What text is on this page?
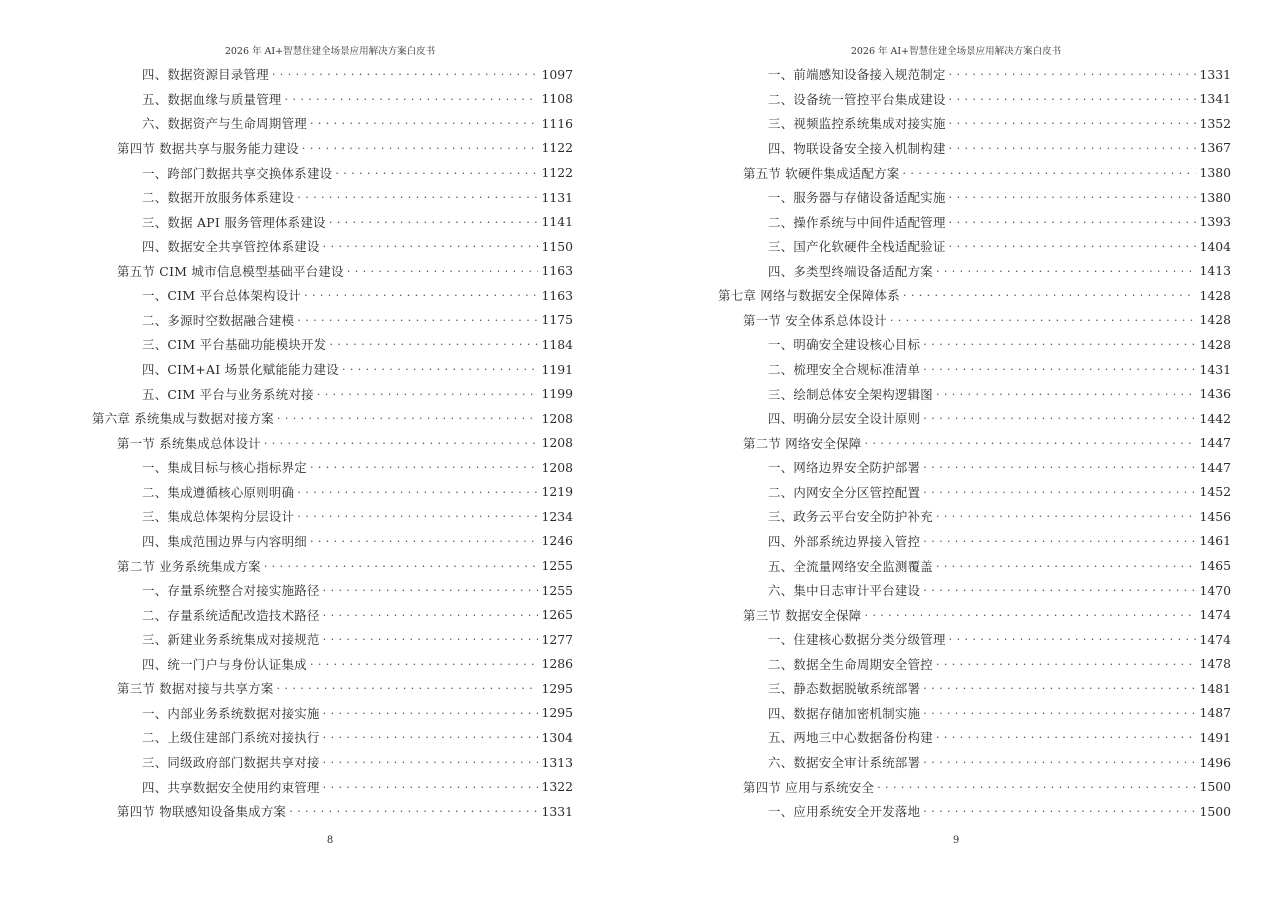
2026 年 AI+智慧住建全场景应用解决方案白皮书
四、数据资源目录管理 . . .	1097
五、数据血缘与质量管理 . . .	1108
六、数据资产与生命周期管理 . . .	1116
第四节 数据共享与服务能力建设 . . .	1122
一、跨部门数据共享交换体系建设 . . .	1122
二、数据开放服务体系建设 . . .	1131
三、数据 API 服务管理体系建设 . . .	1141
四、数据安全共享管控体系建设 . . .	1150
第五节 CIM 城市信息模型基础平台建设 . . .	1163
一、CIM 平台总体架构设计 . . .	1163
二、多源时空数据融合建模 . . .	1175
三、CIM 平台基础功能模块开发 . . .	1184
四、CIM+AI 场景化赋能能力建设 . . .	1191
五、CIM 平台与业务系统对接 . . .	1199
第六章 系统集成与数据对接方案 . . .	1208
第一节 系统集成总体设计 . . .	1208
一、集成目标与核心指标界定 . . .	1208
二、集成遵循核心原则明确 . . .	1219
三、集成总体架构分层设计 . . .	1234
四、集成范围边界与内容明细 . . .	1246
第二节 业务系统集成方案 . . .	1255
一、存量系统整合对接实施路径 . . .	1255
二、存量系统适配改造技术路径 . . .	1265
三、新建业务系统集成对接规范 . . .	1277
四、统一门户与身份认证集成 . . .	1286
第三节 数据对接与共享方案 . . .	1295
一、内部业务系统数据对接实施 . . .	1295
二、上级住建部门系统对接执行 . . .	1304
三、同级政府部门数据共享对接 . . .	1313
四、共享数据安全使用约束管理 . . .	1322
第四节 物联感知设备集成方案 . . .	1331
8
2026 年 AI+智慧住建全场景应用解决方案白皮书
一、前端感知设备接入规范制定 . . .	1331
二、设备统一管控平台集成建设 . . .	1341
三、视频监控系统集成对接实施 . . .	1352
四、物联设备安全接入机制构建 . . .	1367
第五节 软硬件集成适配方案 . . .	1380
一、服务器与存储设备适配实施 . . .	1380
二、操作系统与中间件适配管理 . . .	1393
三、国产化软硬件全栈适配验证 . . .	1404
四、多类型终端设备适配方案 . . .	1413
第七章 网络与数据安全保障体系 . . .	1428
第一节 安全体系总体设计 . . .	1428
一、明确安全建设核心目标 . . .	1428
二、梳理安全合规标准清单 . . .	1431
三、绘制总体安全架构逻辑图 . . .	1436
四、明确分层安全设计原则 . . .	1442
第二节 网络安全保障 . . .	1447
一、网络边界安全防护部署 . . .	1447
二、内网安全分区管控配置 . . .	1452
三、政务云平台安全防护补充 . . .	1456
四、外部系统边界接入管控 . . .	1461
五、全流量网络安全监测覆盖 . . .	1465
六、集中日志审计平台建设 . . .	1470
第三节 数据安全保障 . . .	1474
一、住建核心数据分类分级管理 . . .	1474
二、数据全生命周期安全管控 . . .	1478
三、静态数据脱敏系统部署 . . .	1481
四、数据存储加密机制实施 . . .	1487
五、两地三中心数据备份构建 . . .	1491
六、数据安全审计系统部署 . . .	1496
第四节 应用与系统安全 . . .	1500
一、应用系统安全开发落地 . . .	1500
9
